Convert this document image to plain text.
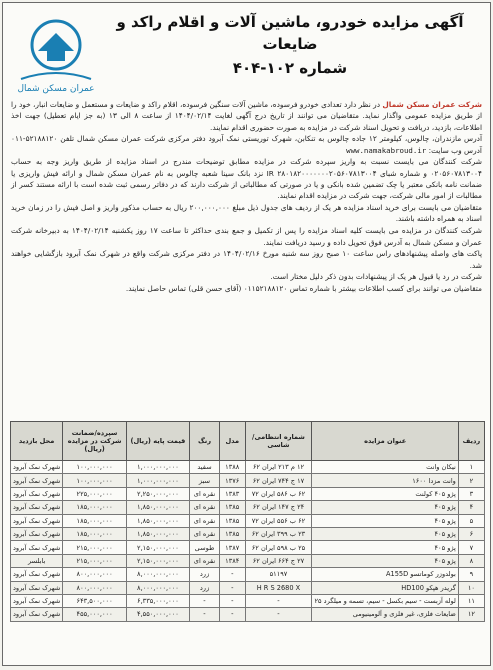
عمران مسکن شمال
آگهی مزایده خودرو، ماشین آلات و اقلام راکد و ضایعات
شماره ۱۰۲-۴۰۴

شرکت عمران مسکن شمال در نظر دارد تعدادی خودرو فرسوده، ماشین آلات سنگین فرسوده، اقلام راکد و ضایعات و مستعمل و ضایعات انبار، خود را از طریق مزایده عمومی واگذار نماید. متقاضیان می توانند از تاریخ درج آگهی لغایت ۱۴۰۴/۰۲/۱۴ از ساعت ۸ الی ۱۳ (به جز ایام تعطیل) جهت اخذ اطلاعات، بازدید، دریافت و تحویل اسناد شرکت در مزایده به صورت حضوری اقدام نمایند.

آدرس مازندران، چالوس، کیلومتر ۱۲ جاده چالوس به تنکابن، شهرک توریستی نمک آبرود دفتر مرکزی شرکت عمران مسکن شمال تلفن ۵۲۱۸۸۱۲۰-۰۱۱ آدرس وب سایت: www.namakabroud.ir

شرکت کنندگان می بایست نسبت به واریز سپرده شرکت در مزایده مطابق توضیحات مندرج در اسناد مزایده از طریق واریز وجه به حساب ۰۲۰۵۶۰۷۸۱۳۰۰۴ و شماره شبای IR ۲۸۰۱۸۲۰۰۰۰۰۰۰۲۰۵۶۰۷۸۱۳۰۰۴ نزد بانک سینا شعبه چالوس به نام عمران مسکن شمال و ارائه فیش واریزی یا ضمانت نامه بانکی معتبر یا چک تضمین شده بانکی و یا در صورتی که مطالباتی از شرکت دارند که در دفاتر رسمی ثبت شده است با ارائه مستند کسر از مطالبات از امور مالی شرکت، جهت شرکت در مزایده اقدام نمایند.

متقاضیان می بایست برای خرید اسناد مزایده هر یک از ردیف های جدول ذیل مبلغ ۲۰۰,۰۰۰,۰۰۰ ریال به حساب مذکور واریز و اصل فیش را در زمان خرید اسناد به همراه داشته باشند.

شرکت کنندگان در مزایده می بایست کلیه اسناد مزایده را پس از تکمیل و جمع بندی حداکثر تا ساعت ۱۷ روز یکشنبه ۱۴۰۴/۰۲/۱۴ به دبیرخانه شرکت عمران و مسکن شمال به آدرس فوق تحویل داده و رسید دریافت نمایند.

پاکت های واصله پیشنهادهای راس ساعت ۱۰ صبح روز سه شنبه مورخ ۱۴۰۴/۰۲/۱۶ در دفتر مرکزی شرکت واقع در شهرک نمک آبرود بازگشایی خواهند شد.

شرکت در رد یا قبول هر یک از پیشنهادات بدون ذکر دلیل مختار است.

متقاضیان می توانند برای کسب اطلاعات بیشتر با شماره تماس ۰۱۱۵۲۱۸۸۱۲۰ (آقای حسن قلی) تماس حاصل نمایند.

ردیف	عنوان مزایده	شماره انتظامی/ شاسی	مدل	رنگ	قیمت پایه (ریال)	سپرده/ضمانت شرکت در مزایده (ریال)	محل بازدید
۱	نیکان وانت	۱۲ م ۲۱۳ ایران ۶۲	۱۳۸۸	سفید	۱,۰۰۰,۰۰۰,۰۰۰	۱۰۰,۰۰۰,۰۰۰	شهرک نمک آبرود
۲	وانت مزدا ۱۶۰۰	۱۷ ج ۷۴۴ ایران ۶۲	۱۳۷۶	سبز	۱,۰۰۰,۰۰۰,۰۰۰	۱۰۰,۰۰۰,۰۰۰	شهرک نمک آبرود
۳	پژو ۴۰۵ کولنت	۶۲ ب ۵۸۶ ایران ۷۲	۱۳۸۳	نقره ای	۲,۲۵۰,۰۰۰,۰۰۰	۲۲۵,۰۰۰,۰۰۰	شهرک نمک آبرود
۴	پژو ۴۰۵	۲۴ ج ۱۴۷ ایران ۶۲	۱۳۸۵	نقره ای	۱,۸۵۰,۰۰۰,۰۰۰	۱۸۵,۰۰۰,۰۰۰	شهرک نمک آبرود
۵	پژو ۴۰۵	۶۲ ب ۵۵۶ ایران ۷۲	۱۳۸۵	نقره ای	۱,۸۵۰,۰۰۰,۰۰۰	۱۸۵,۰۰۰,۰۰۰	شهرک نمک آبرود
۶	پژو ۴۰۵	۲۳ ب ۳۹۹ ایران ۶۲	۱۳۸۵	نقره ای	۱,۸۵۰,۰۰۰,۰۰۰	۱۸۵,۰۰۰,۰۰۰	شهرک نمک آبرود
۷	پژو ۴۰۵	۲۵ ب ۵۹۸ ایران ۶۲	۱۳۸۷	طوسی	۲,۱۵۰,۰۰۰,۰۰۰	۲۱۵,۰۰۰,۰۰۰	شهرک نمک آبرود
۸	پژو ۴۰۵	۲۷ ج ۶۶۴ ایران ۶۲	۱۳۸۴	نقره ای	۲,۱۵۰,۰۰۰,۰۰۰	۲۱۵,۰۰۰,۰۰۰	بابلسر
۹	بولدوزر کوماتسو A155D	۵۱۱۹۷	-	زرد	۸,۰۰۰,۰۰۰,۰۰۰	۸۰۰,۰۰۰,۰۰۰	شهرک نمک آبرود
۱۰	گریدر هپکو HD100	H R S 2680 X	-	زرد	۸,۰۰۰,۰۰۰,۰۰۰	۸۰۰,۰۰۰,۰۰۰	شهرک نمک آبرود
۱۱	لوله آزبست - سیم بکسل - سیم، تسمه و میلگرد ۲۵	-	-	-	۶,۳۳۵,۰۰۰,۰۰۰	۶۴۳,۵۰۰,۰۰۰	شهرک نمک آبرود
۱۲	ضایعات فلزی، غیر فلزی و آلومینیومی	-	-	-	۴,۵۵۰,۰۰۰,۰۰۰	۴۵۵,۰۰۰,۰۰۰	شهرک نمک آبرود
